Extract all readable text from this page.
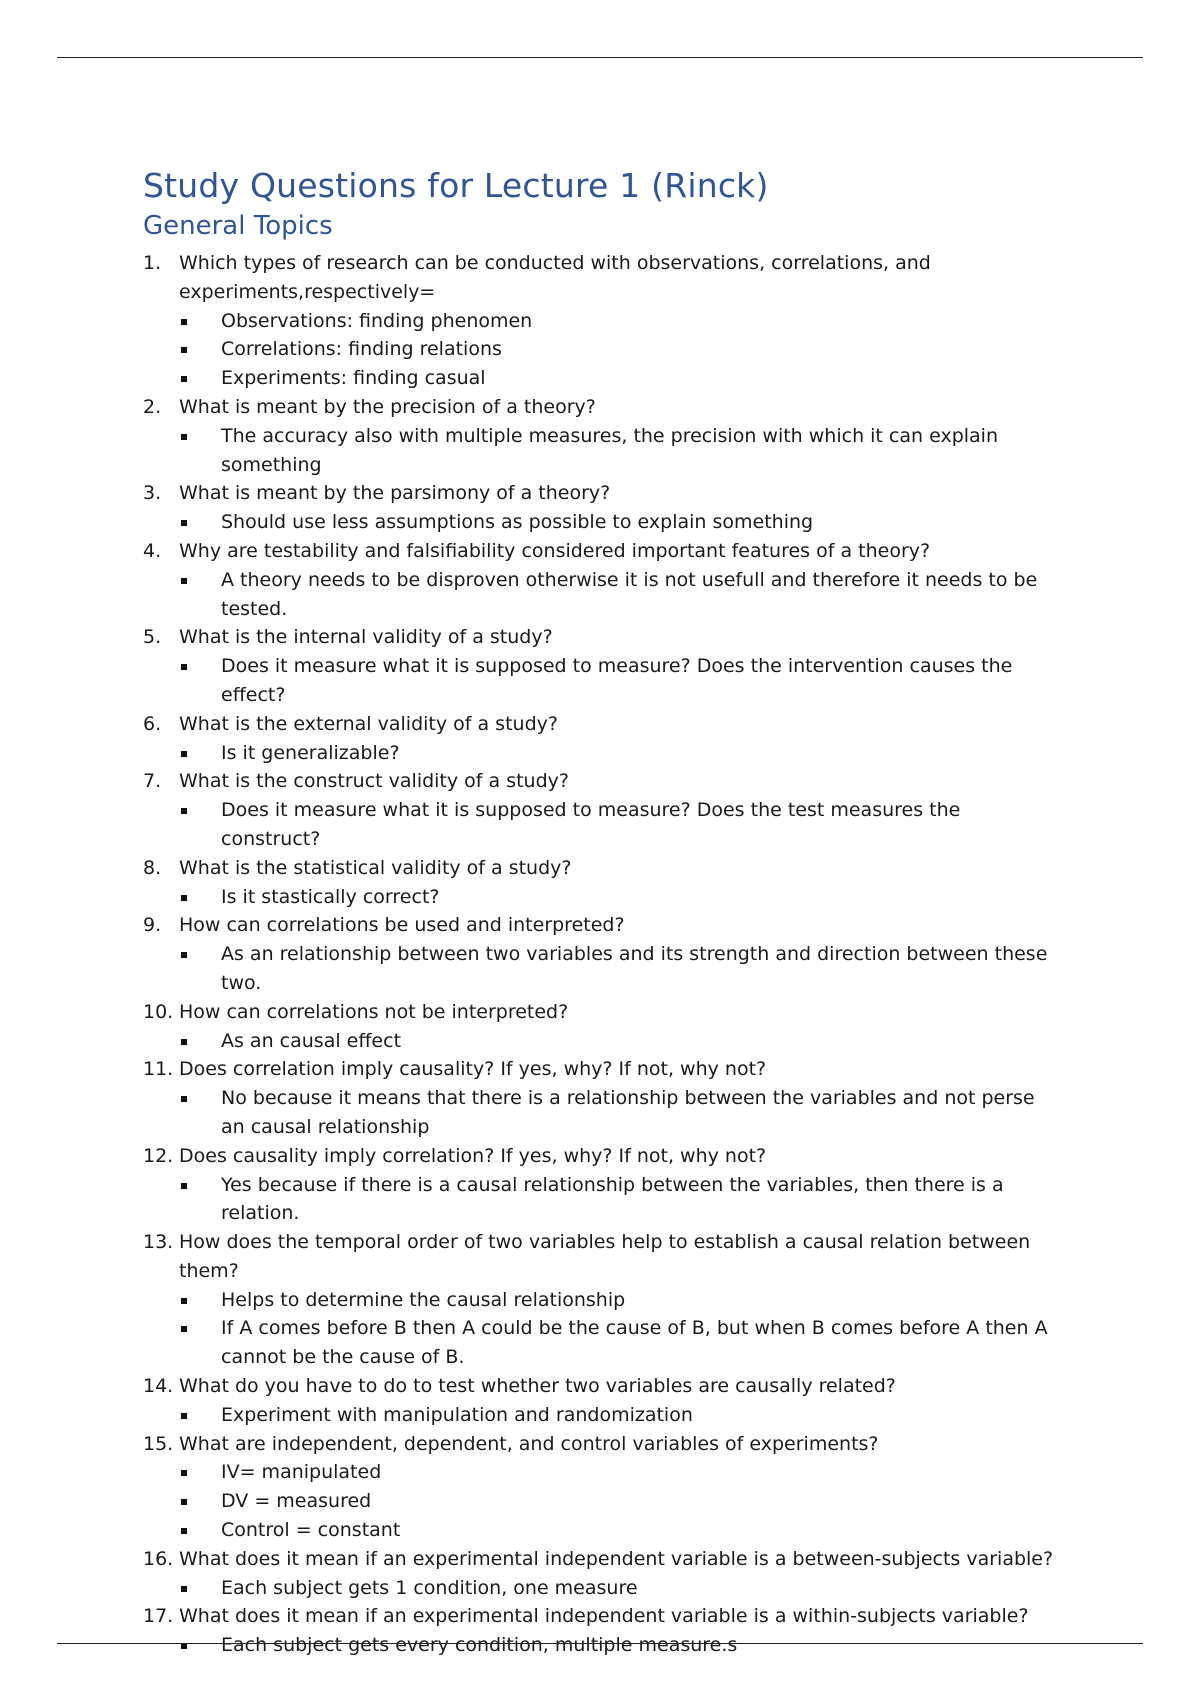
Study Questions for Lecture 1 (Rinck)
General Topics
1. Which types of research can be conducted with observations, correlations, and experiments,respectively=
Observations: finding phenomen
Correlations: finding relations
Experiments: finding casual
2. What is meant by the precision of a theory?
The accuracy also with multiple measures, the precision with which it can explain something
3. What is meant by the parsimony of a theory?
Should use less assumptions as possible to explain something
4. Why are testability and falsifiability considered important features of a theory?
A theory needs to be disproven otherwise it is not usefull and therefore it needs to be tested.
5. What is the internal validity of a study?
Does it measure what it is supposed to measure? Does the intervention causes the effect?
6. What is the external validity of a study?
Is it generalizable?
7. What is the construct validity of a study?
Does it measure what it is supposed to measure? Does the test measures the construct?
8. What is the statistical validity of a study?
Is it stastically correct?
9. How can correlations be used and interpreted?
As an relationship between two variables and its strength and direction between these two.
10. How can correlations not be interpreted?
As an causal effect
11. Does correlation imply causality? If yes, why? If not, why not?
No because it means that there is a relationship between the variables and not perse an causal relationship
12. Does causality imply correlation? If yes, why? If not, why not?
Yes because if there is a causal relationship between the variables, then there is a relation.
13. How does the temporal order of two variables help to establish a causal relation between them?
Helps to determine the causal relationship
If A comes before B then A could be the cause of B, but when B comes before A then A cannot be the cause of B.
14. What do you have to do to test whether two variables are causally related?
Experiment with manipulation and randomization
15. What are independent, dependent, and control variables of experiments?
IV= manipulated
DV = measured
Control = constant
16. What does it mean if an experimental independent variable is a between-subjects variable?
Each subject gets 1 condition, one measure
17. What does it mean if an experimental independent variable is a within-subjects variable?
Each subject gets every condition, multiple measure.s
